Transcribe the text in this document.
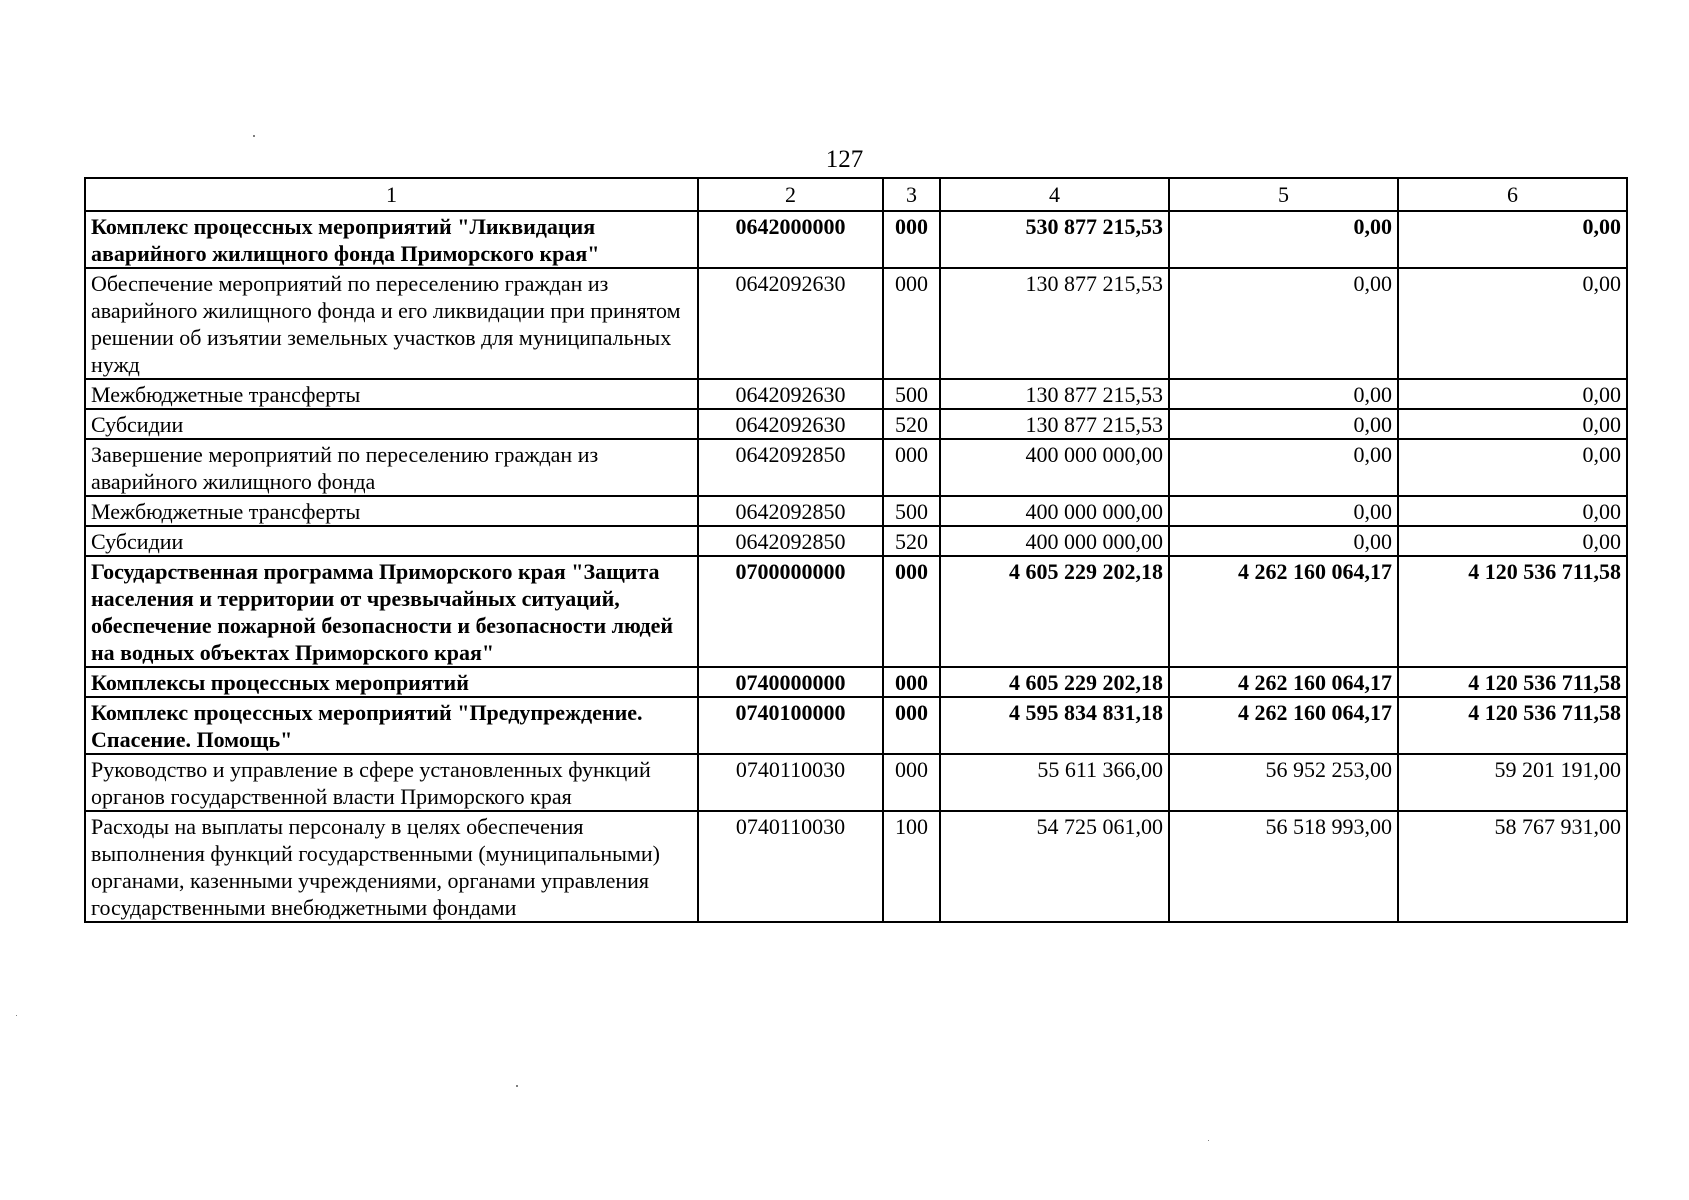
127
1	2	3	4	5	6
Комплекс процессных мероприятий "Ликвидация аварийного жилищного фонда Приморского края"	0642000000	000	530 877 215,53	0,00	0,00
Обеспечение мероприятий по переселению граждан из аварийного жилищного фонда и его ликвидации при принятом решении об изъятии земельных участков для муниципальных нужд	0642092630	000	130 877 215,53	0,00	0,00
Межбюджетные трансферты	0642092630	500	130 877 215,53	0,00	0,00
Субсидии	0642092630	520	130 877 215,53	0,00	0,00
Завершение мероприятий по переселению граждан из аварийного жилищного фонда	0642092850	000	400 000 000,00	0,00	0,00
Межбюджетные трансферты	0642092850	500	400 000 000,00	0,00	0,00
Субсидии	0642092850	520	400 000 000,00	0,00	0,00
Государственная программа Приморского края "Защита населения и территории от чрезвычайных ситуаций, обеспечение пожарной безопасности и безопасности людей на водных объектах Приморского края"	0700000000	000	4 605 229 202,18	4 262 160 064,17	4 120 536 711,58
Комплексы процессных мероприятий	0740000000	000	4 605 229 202,18	4 262 160 064,17	4 120 536 711,58
Комплекс процессных мероприятий "Предупреждение. Спасение. Помощь"	0740100000	000	4 595 834 831,18	4 262 160 064,17	4 120 536 711,58
Руководство и управление в сфере установленных функций органов государственной власти Приморского края	0740110030	000	55 611 366,00	56 952 253,00	59 201 191,00
Расходы на выплаты персоналу в целях обеспечения выполнения функций государственными (муниципальными) органами, казенными учреждениями, органами управления государственными внебюджетными фондами	0740110030	100	54 725 061,00	56 518 993,00	58 767 931,00
